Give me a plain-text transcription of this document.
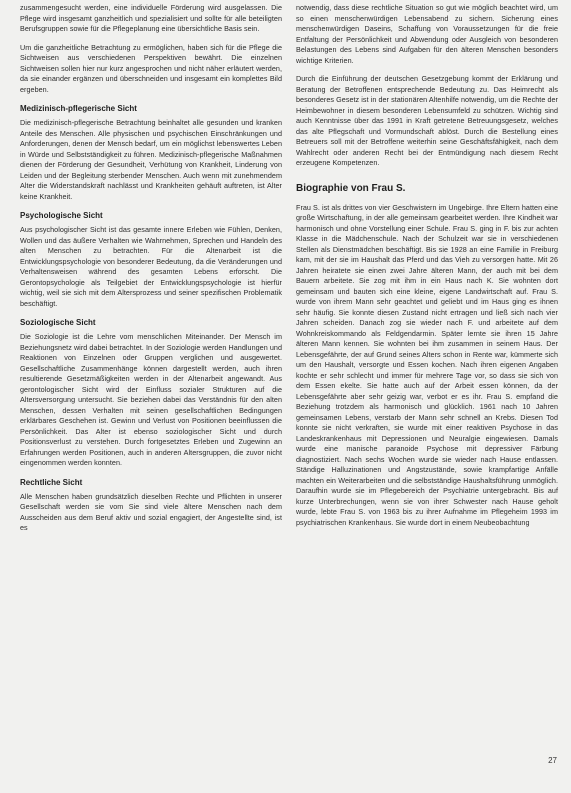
zusammengesucht werden, eine individuelle Förderung wird ausgelassen. Die Pflege wird insgesamt ganzheitlich und spezialisiert und sollte für alle beteiligten Berufsgruppen sowie für die Pflegeplanung eine übersichtliche Basis sein.

Um die ganzheitliche Betrachtung zu ermöglichen, haben sich für die Pflege die Sichtweisen aus verschiedenen Perspektiven bewährt. Die einzelnen Sichtweisen sollen hier nur kurz angesprochen und nicht näher erläutert werden, da sie einander ergänzen und überschneiden und insgesamt ein komplettes Bild ergeben.

Medizinisch-pflegerische Sicht

Die medizinisch-pflegerische Betrachtung beinhaltet alle gesunden und kranken Anteile des Menschen. Alle physischen und psychischen Einschränkungen und Anforderungen, denen der Mensch bedarf, um ein möglichst lebenswertes Leben in Würde und Selbstständigkeit zu führen. Medizinisch-pflegerische Maßnahmen dienen der Förderung der Gesundheit, Verhütung von Krankheit, Linderung von Leiden und der Begleitung sterbender Menschen. Auch wenn mit zunehmendem Alter die Widerstandskraft nachlässt und Krankheiten gehäuft auftreten, ist Alter keine Krankheit.

Psychologische Sicht

Aus psychologischer Sicht ist das gesamte innere Erleben wie Fühlen, Denken, Wollen und das äußere Verhalten wie Wahrnehmen, Sprechen und Handeln des alten Menschen zu betrachten. Für die Altenarbeit ist die Entwicklungspsychologie von besonderer Bedeutung, da die Veränderungen und Verhaltensweisen während des gesamten Lebens erforscht. Die Gerontopsychologie als Teilgebiet der Entwicklungspsychologie ist hierfür wichtig, weil sie sich mit dem Altersprozess und seiner spezifischen Problematik beschäftigt.

Soziologische Sicht

Die Soziologie ist die Lehre vom menschlichen Miteinander. Der Mensch im Beziehungsnetz wird dabei betrachtet. In der Soziologie werden Handlungen und Reaktionen von Einzelnen oder Gruppen verglichen und ausgewertet. Gesellschaftliche Zusammenhänge können dargestellt werden, auch ihren resultierende Gesetzmäßigkeiten werden in der Altenarbeit angewandt. Aus gerontologischer Sicht wird der Einfluss sozialer Strukturen auf die Altersversorgung untersucht. Sie beziehen dabei das Verständnis für den alten Menschen, dessen Verhalten mit seinen gesellschaftlichen Bedingungen erklärbares Geschehen ist. Gewinn und Verlust von Positionen beeinflussen die Persönlichkeit. Das Alter ist ebenso soziologischer Sicht und durch Positionsverlust zu verstehen. Durch fortgesetztes Erleben und Zugewinn an Erfahrungen werden Positionen, auch in anderen Altersgruppen, die zuvor nicht eingenommen werden konnten.

Rechtliche Sicht

Alle Menschen haben grundsätzlich dieselben Rechte und Pflichten in unserer Gesellschaft werden sie vom Sie sind viele ältere Menschen nach dem Ausscheiden aus dem Beruf aktiv und sozial engagiert, der Angestellte sind, ist es

notwendig, dass diese rechtliche Situation so gut wie möglich beachtet wird, um so einen menschenwürdigen Lebensabend zu sichern. Sicherung eines menschenwürdigen Daseins, Schaffung von Voraussetzungen für die freie Entfaltung der Persönlichkeit und Abwendung oder Ausgleich von besonderen Belastungen des Lebens sind Aufgaben für den älteren Menschen besonders wichtige Kriterien.

Durch die Einführung der deutschen Gesetzgebung kommt der Erklärung und Beratung der Betroffenen entsprechende Bedeutung zu. Das Heimrecht als besonderes Gesetz ist in der stationären Altenhilfe notwendig, um die Rechte der Heimbewohner in diesem besonderen Lebensumfeld zu schützen. Wichtig sind auch Kenntnisse über das 1991 in Kraft getretene Betreuungsgesetz, welches das alte Pflegschaft und Vormundschaft ablöst. Durch die Bestellung eines Betreuers soll mit der Betroffene weiterhin seine Geschäftsfähigkeit, nach dem Wahlrecht oder anderen Recht bei der Entmündigung nach diesem Recht erzeugene Kompetenzen.

Biographie von Frau S.

Frau S. ist als drittes von vier Geschwistern im Ungebirge. Ihre Eltern hatten eine große Wirtschaftung, in der alle gemeinsam gearbeitet werden. Ihre Kindheit war harmonisch und ohne Vorstellung einer Schule. Frau S. ging in F. bis zur achten Klasse in die Mädchenschule. Nach der Schulzeit war sie in verschiedenen Stellen als Dienstmädchen beschäftigt. Bis sie 1928 an eine Familie in Freiburg kam, mit der sie im Haushalt das Pferd und das Vieh zu versorgen hatte. Mit 26 Jahren heiratete sie einen zwei Jahre älteren Mann, der auch mit bei dem Bauern arbeitete. Sie zog mit ihm in ein Haus nach K. Sie wohnten dort gemeinsam und bauten sich eine kleine, eigene Landwirtschaft auf. Frau S. wurde von ihrem Mann sehr geachtet und geliebt und im Haus ging es ihnen sehr häufig. Sie konnte diesen Zustand nicht ertragen und ließ sich nach vier Jahren scheiden. Danach zog sie wieder nach F. und arbeitete auf dem Wohnkreiskommando als Feldgendarmin. Später lernte sie ihren 15 Jahre älteren Mann kennen. Sie wohnten bei ihm zusammen in seinem Haus. Der Lebensgefährte, der auf Grund seines Alters schon in Rente war, kümmerte sich um den Haushalt, versorgte und Essen kochen. Nach ihren eigenen Angaben kochte er sehr schlecht und immer für mehrere Tage vor, so dass sie sich von dem Essen ekelte. Sie hatte auch auf der Arbeit essen können, da der Lebensgefährte aber sehr geizig war, verbot er es ihr. Frau S. empfand die Beziehung trotzdem als harmonisch und glücklich. 1961 nach 10 Jahren gemeinsamen Lebens, verstarb der Mann sehr schnell an Krebs. Diesen Tod konnte sie nicht verkraften, sie wurde mit einer reaktiven Psychose in das Landeskrankenhaus mit Depressionen und Neuralgie eingewiesen. Damals wurde eine manische paranoide Psychose mit depressiver Färbung diagnostiziert. Nach sechs Wochen wurde sie wieder nach Hause entlassen. Ständige Halluzinationen und Angstzustände, sowie krampfartige Anfälle machten ein Weiterarbeiten und die selbstständige Haushaltsführung unmöglich. Daraufhin wurde sie im Pflegebereich der Psychiatrie untergebracht. Bis auf kurze Unterbrechungen, wenn sie von ihrer Schwester nach Hause geholt wurde, lebte Frau S. von 1963 bis zu ihrer Aufnahme im Pflegeheim 1993 im psychiatrischen Krankenhaus. Sie wurde dort in einem Neubeobachtung

27
